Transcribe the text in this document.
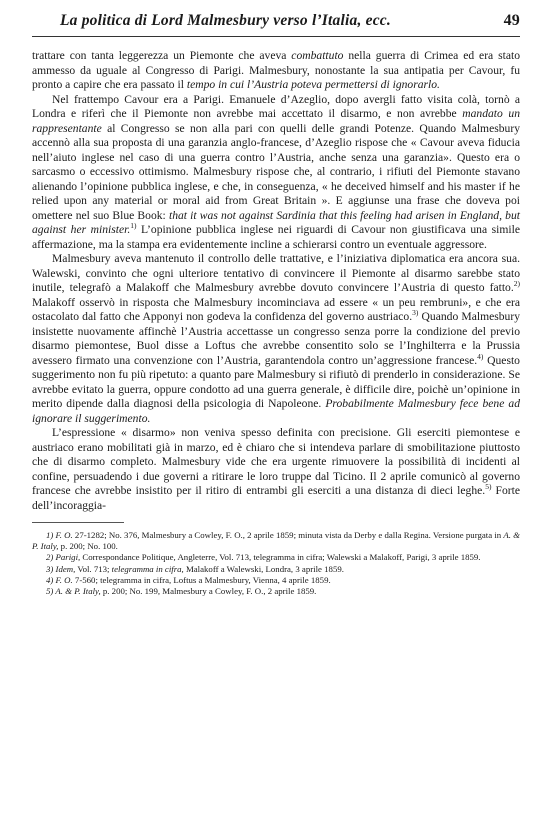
La politica di Lord Malmesbury verso l’Italia, ecc.	49

trattare con tanta leggerezza un Piemonte che aveva combattuto nella guerra di Crimea ed era stato ammesso da uguale al Congresso di Parigi. Malmesbury, nonostante la sua antipatia per Cavour, fu pronto a capire che era passato il tempo in cui l’Austria poteva permettersi di ignorarlo.

Nel frattempo Cavour era a Parigi. Emanuele d’Azeglio, dopo avergli fatto visita colà, tornò a Londra e riferì che il Piemonte non avrebbe mai accettato il disarmo, e non avrebbe mandato un rappresentante al Congresso se non alla pari con quelli delle grandi Potenze. Quando Malmesbury accennò alla sua proposta di una garanzia anglo-francese, d’Azeglio rispose che « Cavour aveva fiducia nell’aiuto inglese nel caso di una guerra contro l’Austria, anche senza una garanzia». Questo era o sarcasmo o eccessivo ottimismo. Malmesbury rispose che, al contrario, i rifiuti del Piemonte stavano alienando l’opinione pubblica inglese, e che, in conseguenza, « he deceived himself and his master if he relied upon any material or moral aid from Great Britain ». E aggiunse una frase che doveva poi omettere nel suo Blue Book: that it was not against Sardinia that this feeling had arisen in England, but against her minister.$^{1)}$ L’opinione pubblica inglese nei riguardi di Cavour non giustificava una simile affermazione, ma la stampa era evidentemente incline a schierarsi contro un eventuale aggressore.

Malmesbury aveva mantenuto il controllo delle trattative, e l’iniziativa diplomatica era ancora sua. Walewski, convinto che ogni ulteriore tentativo di convincere il Piemonte al disarmo sarebbe stato inutile, telegrafò a Malakoff che Malmesbury avrebbe dovuto convincere l’Austria di questo fatto.$^{2)}$ Malakoff osservò in risposta che Malmesbury incominciava ad essere « un peu rembruni», e che era ostacolato dal fatto che Apponyi non godeva la confidenza del governo austriaco.$^{3)}$ Quando Malmesbury insistette nuovamente affinchè l’Austria accettasse un congresso senza porre la condizione del previo disarmo piemontese, Buol disse a Loftus che avrebbe consentito solo se l’Inghilterra e la Prussia avessero firmato una convenzione con l’Austria, garantendola contro un’aggressione francese.$^{4)}$ Questo suggerimento non fu più ripetuto: a quanto pare Malmesbury si rifiutò di prenderlo in considerazione. Se avrebbe evitato la guerra, oppure condotto ad una guerra generale, è difficile dire, poichè un’opinione in merito dipende dalla diagnosi della psicologia di Napoleone. Probabilmente Malmesbury fece bene ad ignorare il suggerimento.

L’espressione « disarmo» non veniva spesso definita con precisione. Gli eserciti piemontese e austriaco erano mobilitati già in marzo, ed è chiaro che si intendeva parlare di smobilitazione piuttosto che di disarmo completo. Malmesbury vide che era urgente rimuovere la possibilità di incidenti al confine, persuadendo i due governi a ritirare le loro truppe dal Ticino. Il 2 aprile comunicò al governo francese che avrebbe insistito per il ritiro di entrambi gli eserciti a una distanza di dieci leghe.$^{5)}$ Forte dell’incoraggia-

1) F. O. 27-1282; No. 376, Malmesbury a Cowley, F. O., 2 aprile 1859; minuta vista da Derby e dalla Regina. Versione purgata in A. & P. Italy, p. 200; No. 100.
2) Parigi, Correspondance Politique, Angleterre, Vol. 713, telegramma in cifra; Walewski a Malakoff, Parigi, 3 aprile 1859.
3) Idem, Vol. 713; telegramma in cifra, Malakoff a Walewski, Londra, 3 aprile 1859.
4) F. O. 7-560; telegramma in cifra, Loftus a Malmesbury, Vienna, 4 aprile 1859.
5) A. & P. Italy, p. 200; No. 199, Malmesbury a Cowley, F. O., 2 aprile 1859.
